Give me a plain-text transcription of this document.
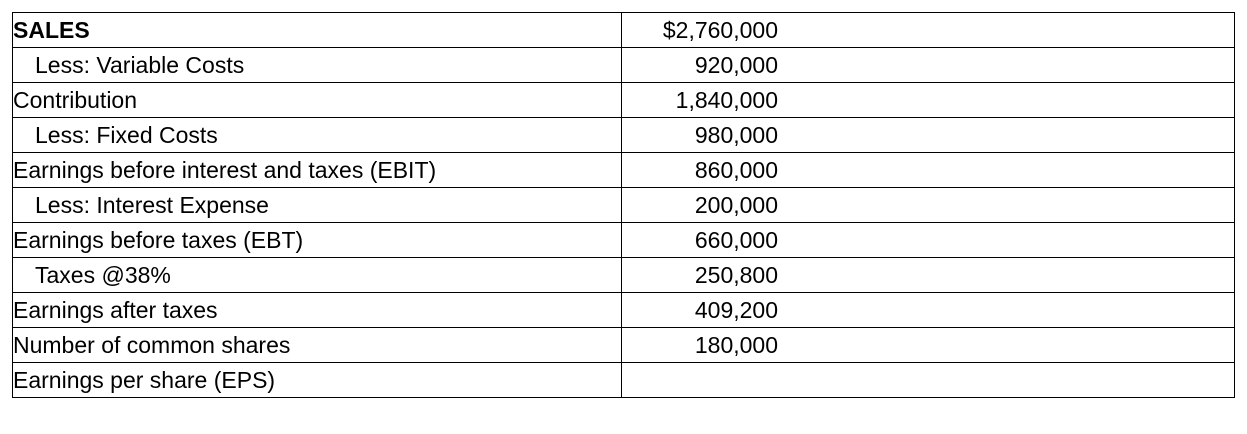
SALES	$2,760,000

Less: Variable Costs	920,000

Contribution	1,840,000

Less: Fixed Costs	980,000

Earnings before interest and taxes (EBIT)	860,000

Less: Interest Expense	200,000

Earnings before taxes (EBT)	660,000

Taxes @38%	250,800

Earnings after taxes	409,200

Number of common shares	180,000

Earnings per share (EPS)	
